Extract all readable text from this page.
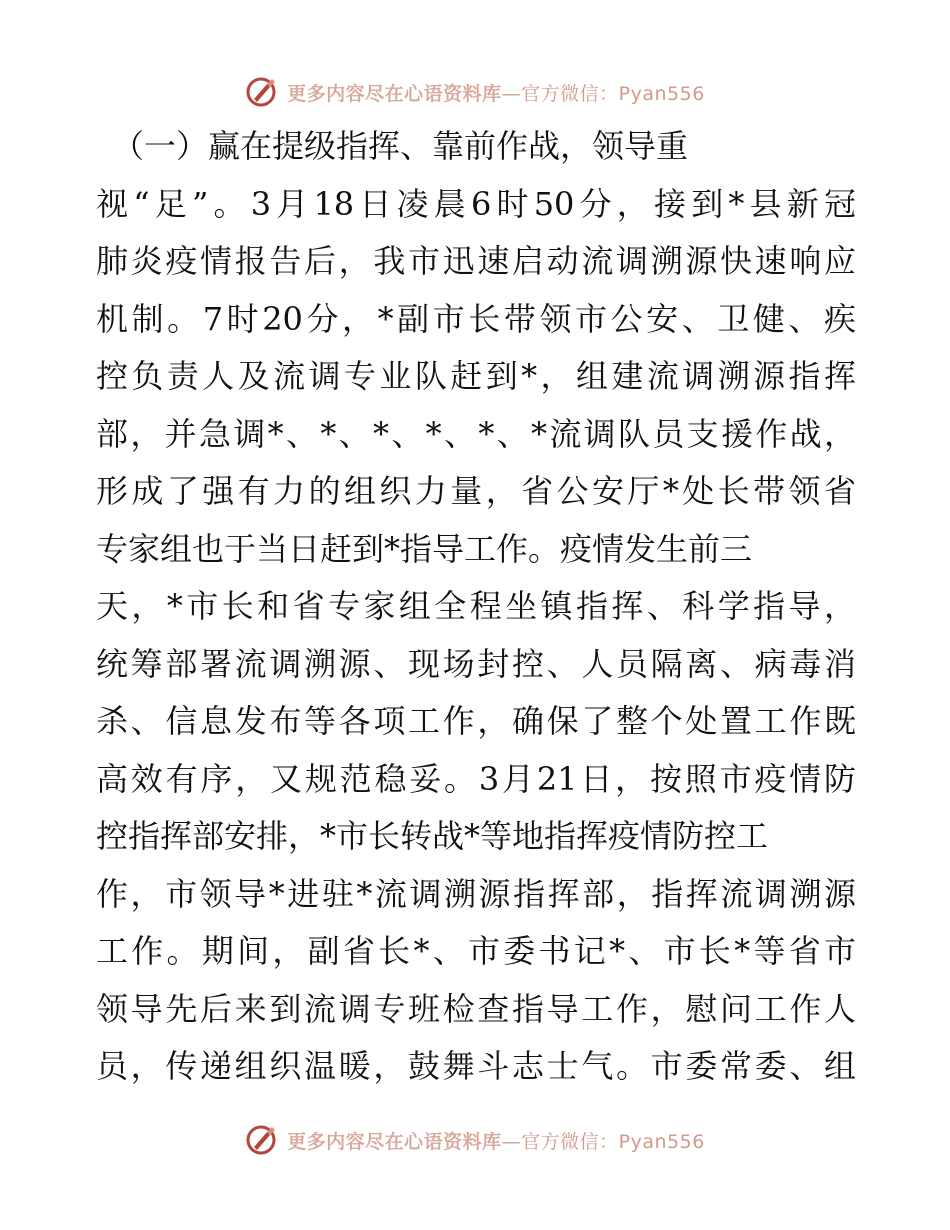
更多内容尽在心语资料库—官方微信：Pyan556
（一）赢在提级指挥、靠前作战，领导重
视“足”。3月18日凌晨6时50分，接到*县新冠
肺炎疫情报告后，我市迅速启动流调溯源快速响应
机制。7时20分，*副市长带领市公安、卫健、疾
控负责人及流调专业队赶到*，组建流调溯源指挥
部，并急调*、*、*、*、*、*流调队员支援作战，
形成了强有力的组织力量，省公安厅*处长带领省
专家组也于当日赶到*指导工作。疫情发生前三
天，*市长和省专家组全程坐镇指挥、科学指导，
统筹部署流调溯源、现场封控、人员隔离、病毒消
杀、信息发布等各项工作，确保了整个处置工作既
高效有序，又规范稳妥。3月21日，按照市疫情防
控指挥部安排，*市长转战*等地指挥疫情防控工
作，市领导*进驻*流调溯源指挥部，指挥流调溯源
工作。期间，副省长*、市委书记*、市长*等省市
领导先后来到流调专班检查指导工作，慰问工作人
员，传递组织温暖，鼓舞斗志士气。市委常委、组
更多内容尽在心语资料库—官方微信：Pyan556
